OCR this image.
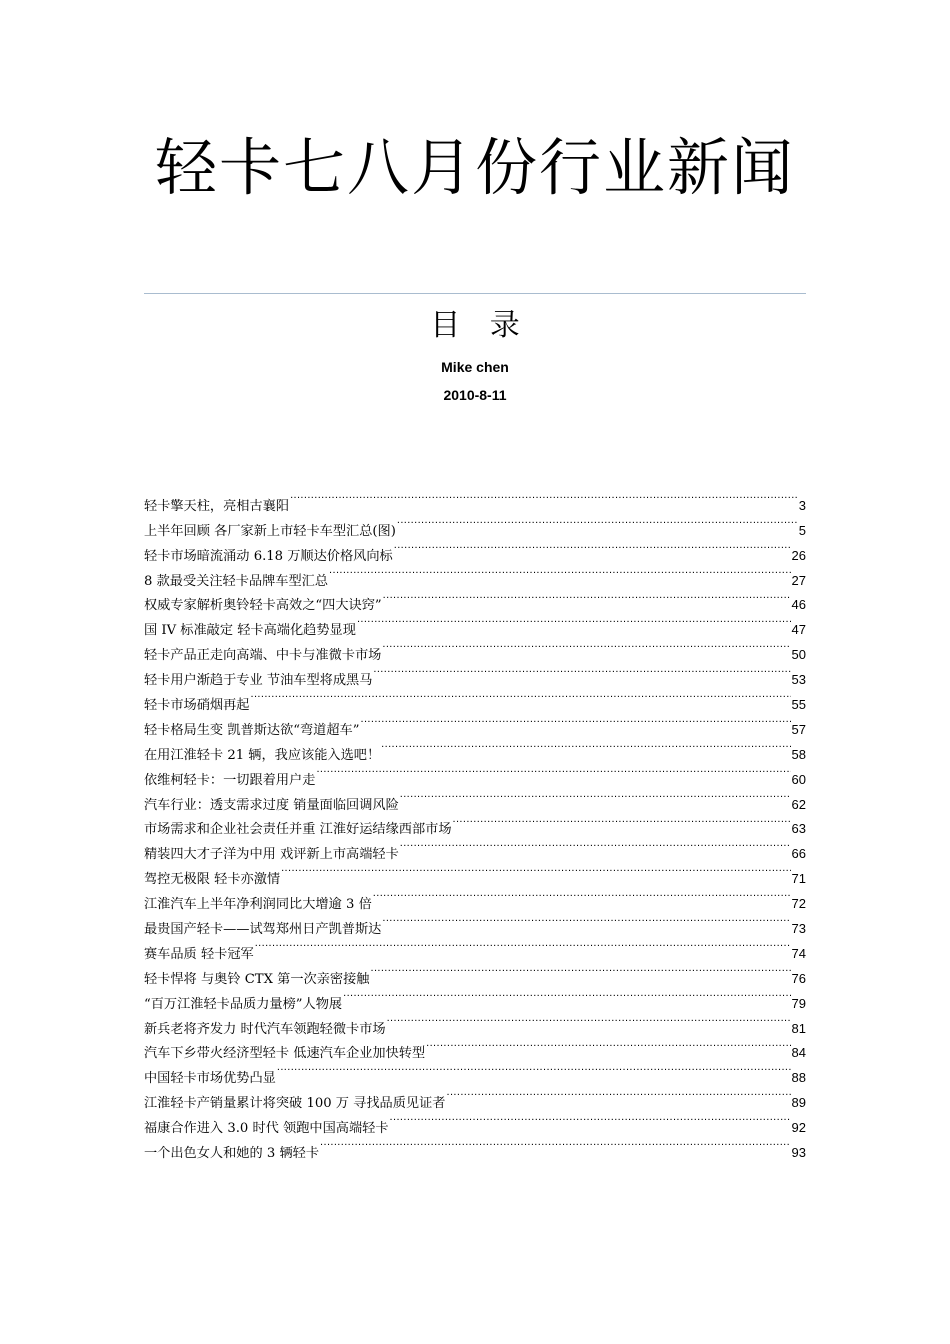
轻卡七八月份行业新闻
目 录
Mike chen
2010-8-11
轻卡擎天柱，亮相古襄阳 .....	3
上半年回顾 各厂家新上市轻卡车型汇总(图) .....	5
轻卡市场暗流涌动 6.18 万顺达价格风向标 .....	26
8 款最受关注轻卡品牌车型汇总 .....	27
权威专家解析奥铃轻卡高效之“四大诀窍” .....	46
国 IV 标准敲定 轻卡高端化趋势显现 .....	47
轻卡产品正走向高端、中卡与准微卡市场 .....	50
轻卡用户渐趋于专业 节油车型将成黑马 .....	53
轻卡市场硝烟再起 .....	55
轻卡格局生变 凯普斯达欲“弯道超车” .....	57
在用江淮轻卡 21 辆，我应该能入选吧！ .....	58
依维柯轻卡：一切跟着用户走 .....	60
汽车行业：透支需求过度 销量面临回调风险 .....	62
市场需求和企业社会责任并重 江淮好运结缘西部市场 .....	63
精装四大才子洋为中用 戏评新上市高端轻卡 .....	66
驾控无极限 轻卡亦激情 .....	71
江淮汽车上半年净利润同比大增逾 3 倍 .....	72
最贵国产轻卡——试驾郑州日产凯普斯达 .....	73
赛车品质 轻卡冠军 .....	74
轻卡悍将 与奥铃 CTX 第一次亲密接触 .....	76
“百万江淮轻卡品质力量榜”人物展 .....	79
新兵老将齐发力 时代汽车领跑轻微卡市场 .....	81
汽车下乡带火经济型轻卡 低速汽车企业加快转型 .....	84
中国轻卡市场优势凸显 .....	88
江淮轻卡产销量累计将突破 100 万 寻找品质见证者 .....	89
福康合作进入 3.0 时代 领跑中国高端轻卡 .....	92
一个出色女人和她的 3 辆轻卡 .....	93
